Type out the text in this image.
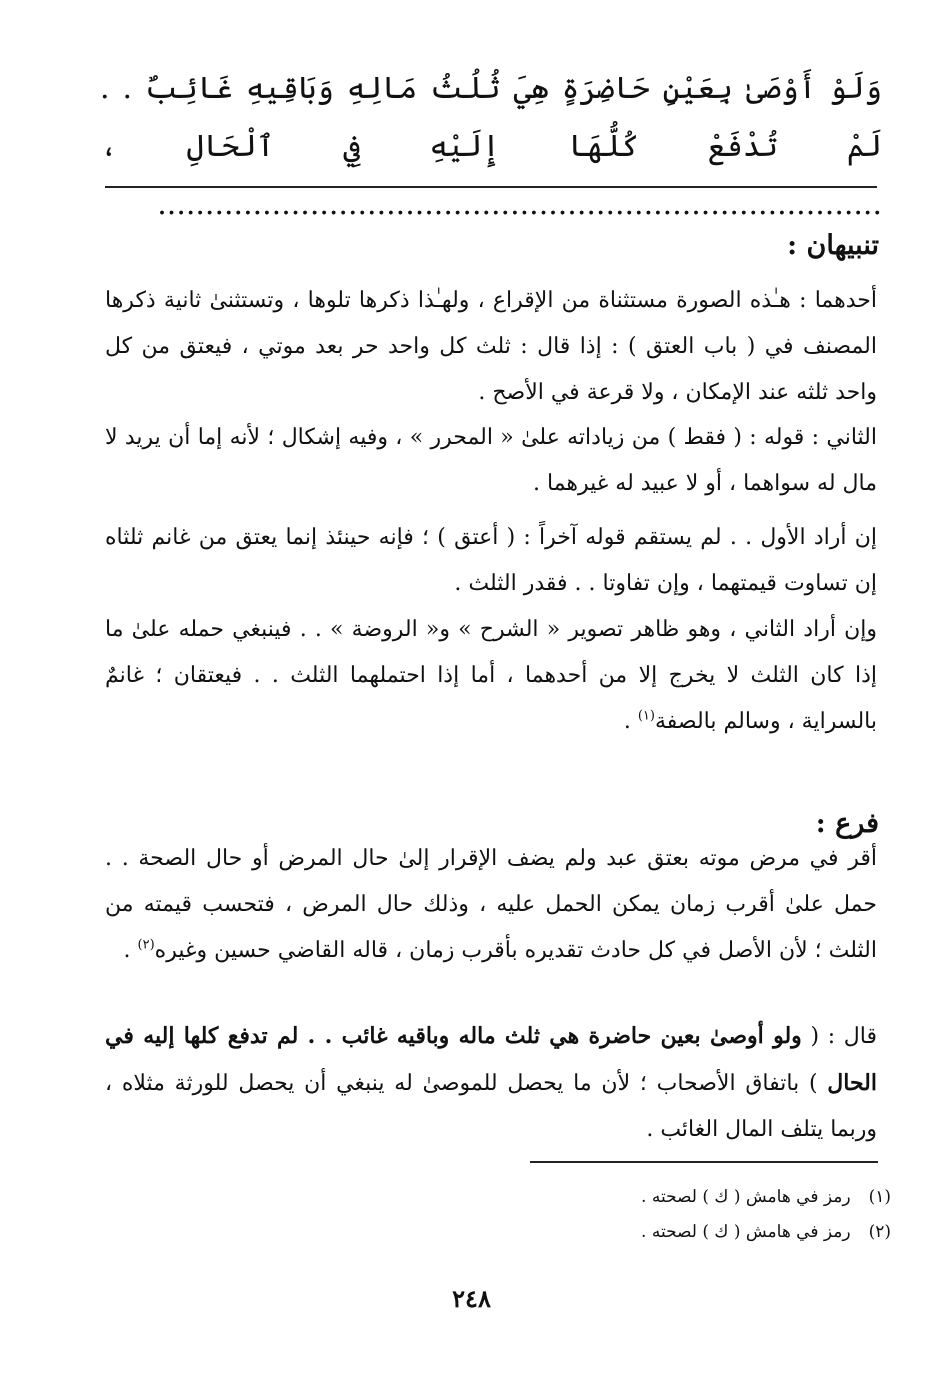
وَلَوْ أَوْصَىٰ بِعَيْنٍ حَاضِرَةٍ هِيَ ثُلُثُ مَالِهِ وَبَاقِيهِ غَائِبٌ . . لَمْ تُدْفَعْ كُلُّهَا إِلَيْهِ فِي ٱلْحَالِ ، ............................................................................

تنبيهان :

أحدهما : هـٰذه الصورة مستثناة من الإقراع ، ولهـٰذا ذكرها تلوها ، وتستثنىٰ ثانية ذكرها المصنف في ( باب العتق ) : إذا قال : ثلث كل واحد حر بعد موتي ، فيعتق من كل واحد ثلثه عند الإمكان ، ولا قرعة في الأصح .

الثاني : قوله : ( فقط ) من زياداته علىٰ « المحرر » ، وفيه إشكال ؛ لأنه إما أن يريد لا مال له سواهما ، أو لا عبيد له غيرهما .

إن أراد الأول . . لم يستقم قوله آخراً : ( أعتق ) ؛ فإنه حينئذ إنما يعتق من غانم ثلثاه إن تساوت قيمتهما ، وإن تفاوتا . . فقدر الثلث .

وإن أراد الثاني ، وهو ظاهر تصوير « الشرح » و« الروضة » . . فينبغي حمله علىٰ ما إذا كان الثلث لا يخرج إلا من أحدهما ، أما إذا احتملهما الثلث . . فيعتقان ؛ غانمٌ بالسراية ، وسالم بالصفة$^{(١)}$ .

فرع :

أقر في مرض موته بعتق عبد ولم يضف الإقرار إلىٰ حال المرض أو حال الصحة . . حمل علىٰ أقرب زمان يمكن الحمل عليه ، وذلك حال المرض ، فتحسب قيمته من الثلث ؛ لأن الأصل في كل حادث تقديره بأقرب زمان ، قاله القاضي حسين وغيره$^{(٢)}$ .

قال : ( ولو أوصىٰ بعين حاضرة هي ثلث ماله وباقيه غائب . . لم تدفع كلها إليه في الحال ) باتفاق الأصحاب ؛ لأن ما يحصل للموصىٰ له ينبغي أن يحصل للورثة مثلاه ، وربما يتلف المال الغائب .

(١)
رمز في هامش ( ك ) لصحته .
(٢)
رمز في هامش ( ك ) لصحته .
٢٤٨
